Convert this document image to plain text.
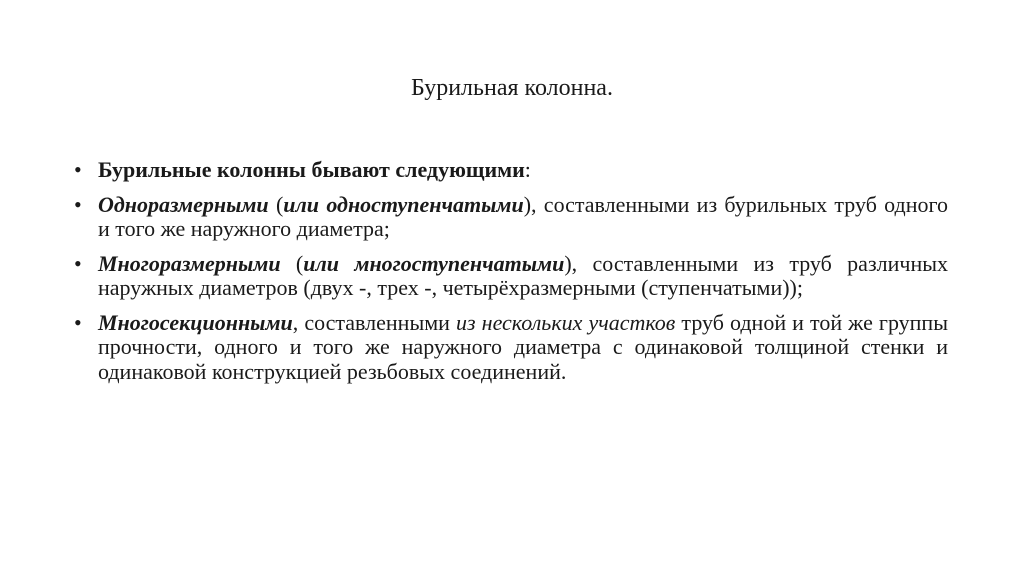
Бурильная колонна.
• Бурильные колонны бывают следующими:
• Одноразмерными (или одноступенчатыми), составленными из бурильных труб одного и того же наружного диаметра;
• Многоразмерными (или многоступенчатыми), составленными из труб различных наружных диаметров (двух -, трех -, четырёхразмерными (ступенчатыми));
• Многосекционными, составленными из нескольких участков труб одной и той же группы прочности, одного и того же наружного диаметра с одинаковой толщиной стенки и одинаковой конструкцией резьбовых соединений.
